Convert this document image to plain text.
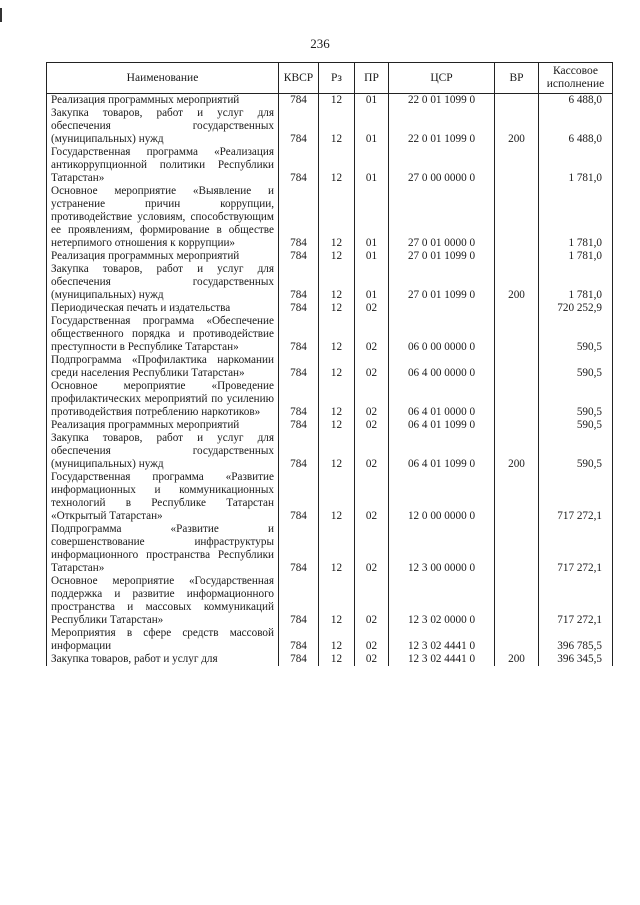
236
Наименование	КВСР	Рз	ПР	ЦСР	ВР	Кассовое исполнение
Реализация программных мероприятий	784	12	01	22 0 01 1099 0		6 488,0
Закупка товаров, работ и услуг для обеспечения государственных (муниципальных) нужд	784	12	01	22 0 01 1099 0	200	6 488,0
Государственная программа «Реализация антикоррупционной политики Республики Татарстан»	784	12	01	27 0 00 0000 0		1 781,0
Основное мероприятие «Выявление и устранение причин коррупции, противодействие условиям, способствующим ее проявлениям, формирование в обществе нетерпимого отношения к коррупции»	784	12	01	27 0 01 0000 0		1 781,0
Реализация программных мероприятий	784	12	01	27 0 01 1099 0		1 781,0
Закупка товаров, работ и услуг для обеспечения государственных (муниципальных) нужд	784	12	01	27 0 01 1099 0	200	1 781,0
Периодическая печать и издательства	784	12	02			720 252,9
Государственная программа «Обеспечение общественного порядка и противодействие преступности в Республике Татарстан»	784	12	02	06 0 00 0000 0		590,5
Подпрограмма «Профилактика наркомании среди населения Республики Татарстан»	784	12	02	06 4 00 0000 0		590,5
Основное мероприятие «Проведение профилактических мероприятий по усилению противодействия потреблению наркотиков»	784	12	02	06 4 01 0000 0		590,5
Реализация программных мероприятий	784	12	02	06 4 01 1099 0		590,5
Закупка товаров, работ и услуг для обеспечения государственных (муниципальных) нужд	784	12	02	06 4 01 1099 0	200	590,5
Государственная программа «Развитие информационных и коммуникационных технологий в Республике Татарстан «Открытый Татарстан»	784	12	02	12 0 00 0000 0		717 272,1
Подпрограмма «Развитие и совершенствование инфраструктуры информационного пространства Республики Татарстан»	784	12	02	12 3 00 0000 0		717 272,1
Основное мероприятие «Государственная поддержка и развитие информационного пространства и массовых коммуникаций Республики Татарстан»	784	12	02	12 3 02 0000 0		717 272,1
Мероприятия в сфере средств массовой информации	784	12	02	12 3 02 4441 0		396 785,5
Закупка товаров, работ и услуг для	784	12	02	12 3 02 4441 0	200	396 345,5
